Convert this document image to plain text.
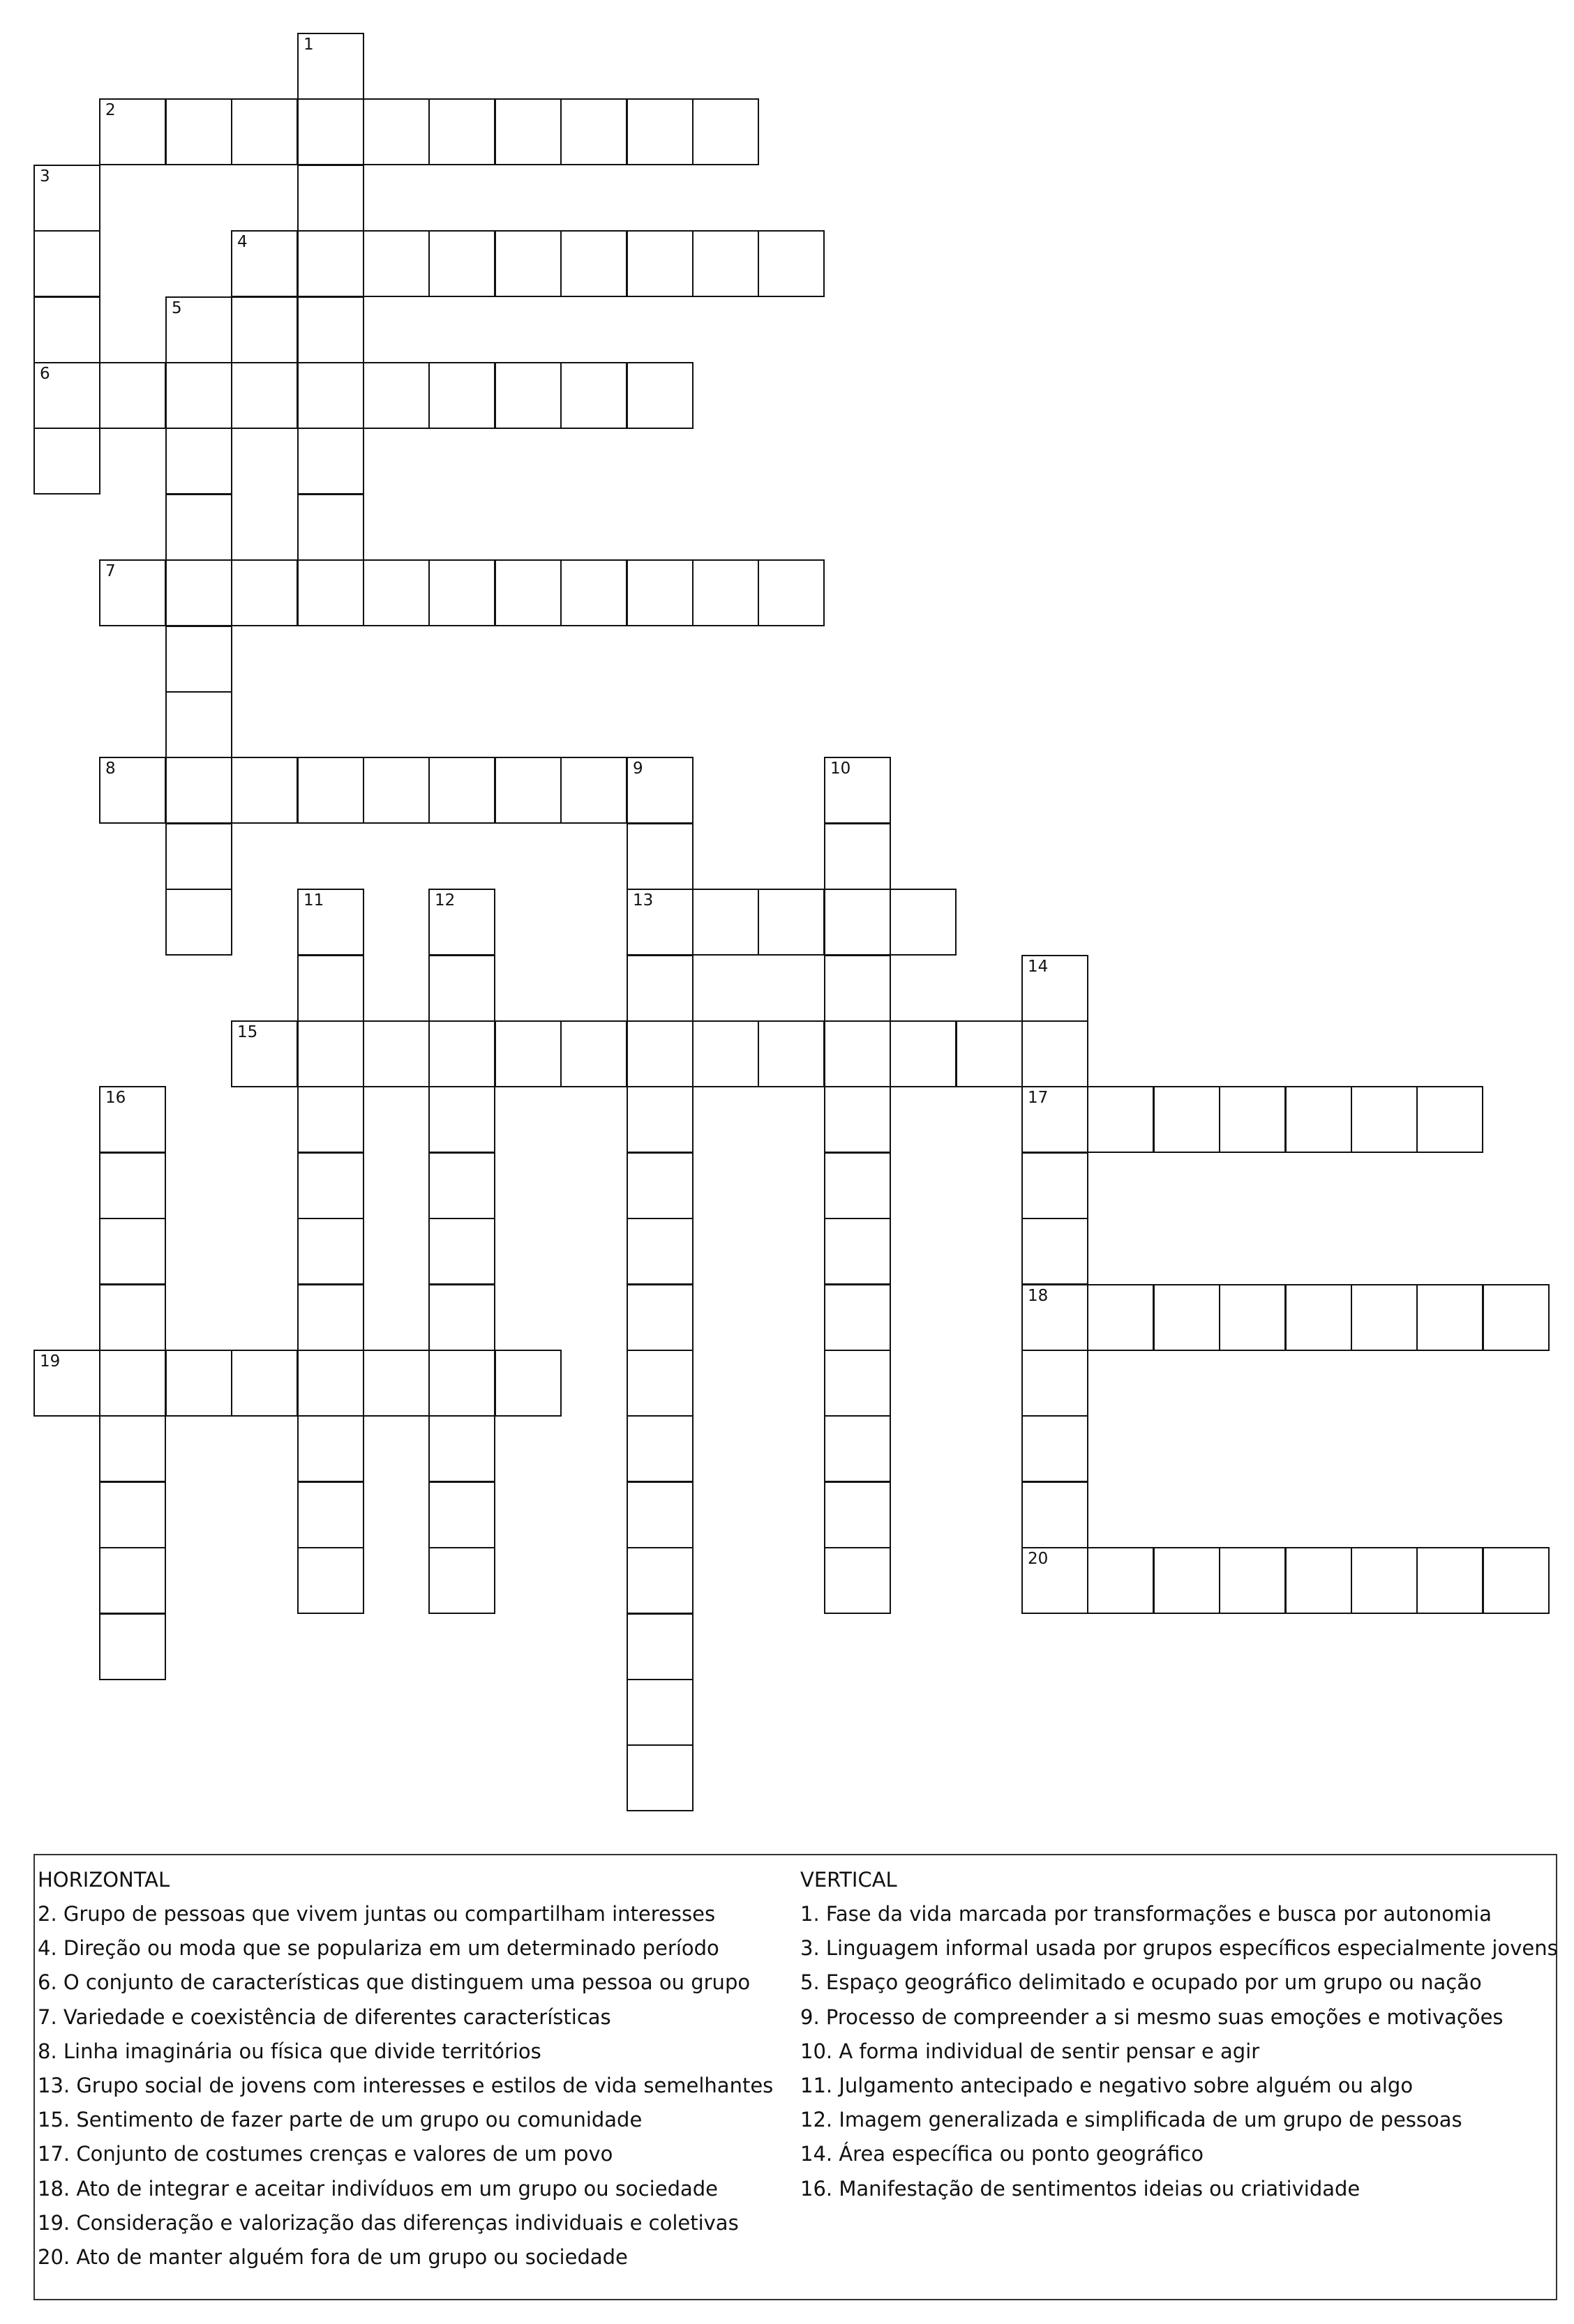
1
2
3
4
5
6
7
8	9	10
11	12	13
14
15
16	17
18
19
20
HORIZONTAL
2. Grupo de pessoas que vivem juntas ou compartilham interesses
4. Direção ou moda que se populariza em um determinado período
6. O conjunto de características que distinguem uma pessoa ou grupo
7. Variedade e coexistência de diferentes características
8. Linha imaginária ou física que divide territórios
13. Grupo social de jovens com interesses e estilos de vida semelhantes
15. Sentimento de fazer parte de um grupo ou comunidade
17. Conjunto de costumes crenças e valores de um povo
18. Ato de integrar e aceitar indivíduos em um grupo ou sociedade
19. Consideração e valorização das diferenças individuais e coletivas
20. Ato de manter alguém fora de um grupo ou sociedade
VERTICAL
1. Fase da vida marcada por transformações e busca por autonomia
3. Linguagem informal usada por grupos específicos especialmente jovens
5. Espaço geográfico delimitado e ocupado por um grupo ou nação
9. Processo de compreender a si mesmo suas emoções e motivações
10. A forma individual de sentir pensar e agir
11. Julgamento antecipado e negativo sobre alguém ou algo
12. Imagem generalizada e simplificada de um grupo de pessoas
14. Área específica ou ponto geográfico
16. Manifestação de sentimentos ideias ou criatividade
